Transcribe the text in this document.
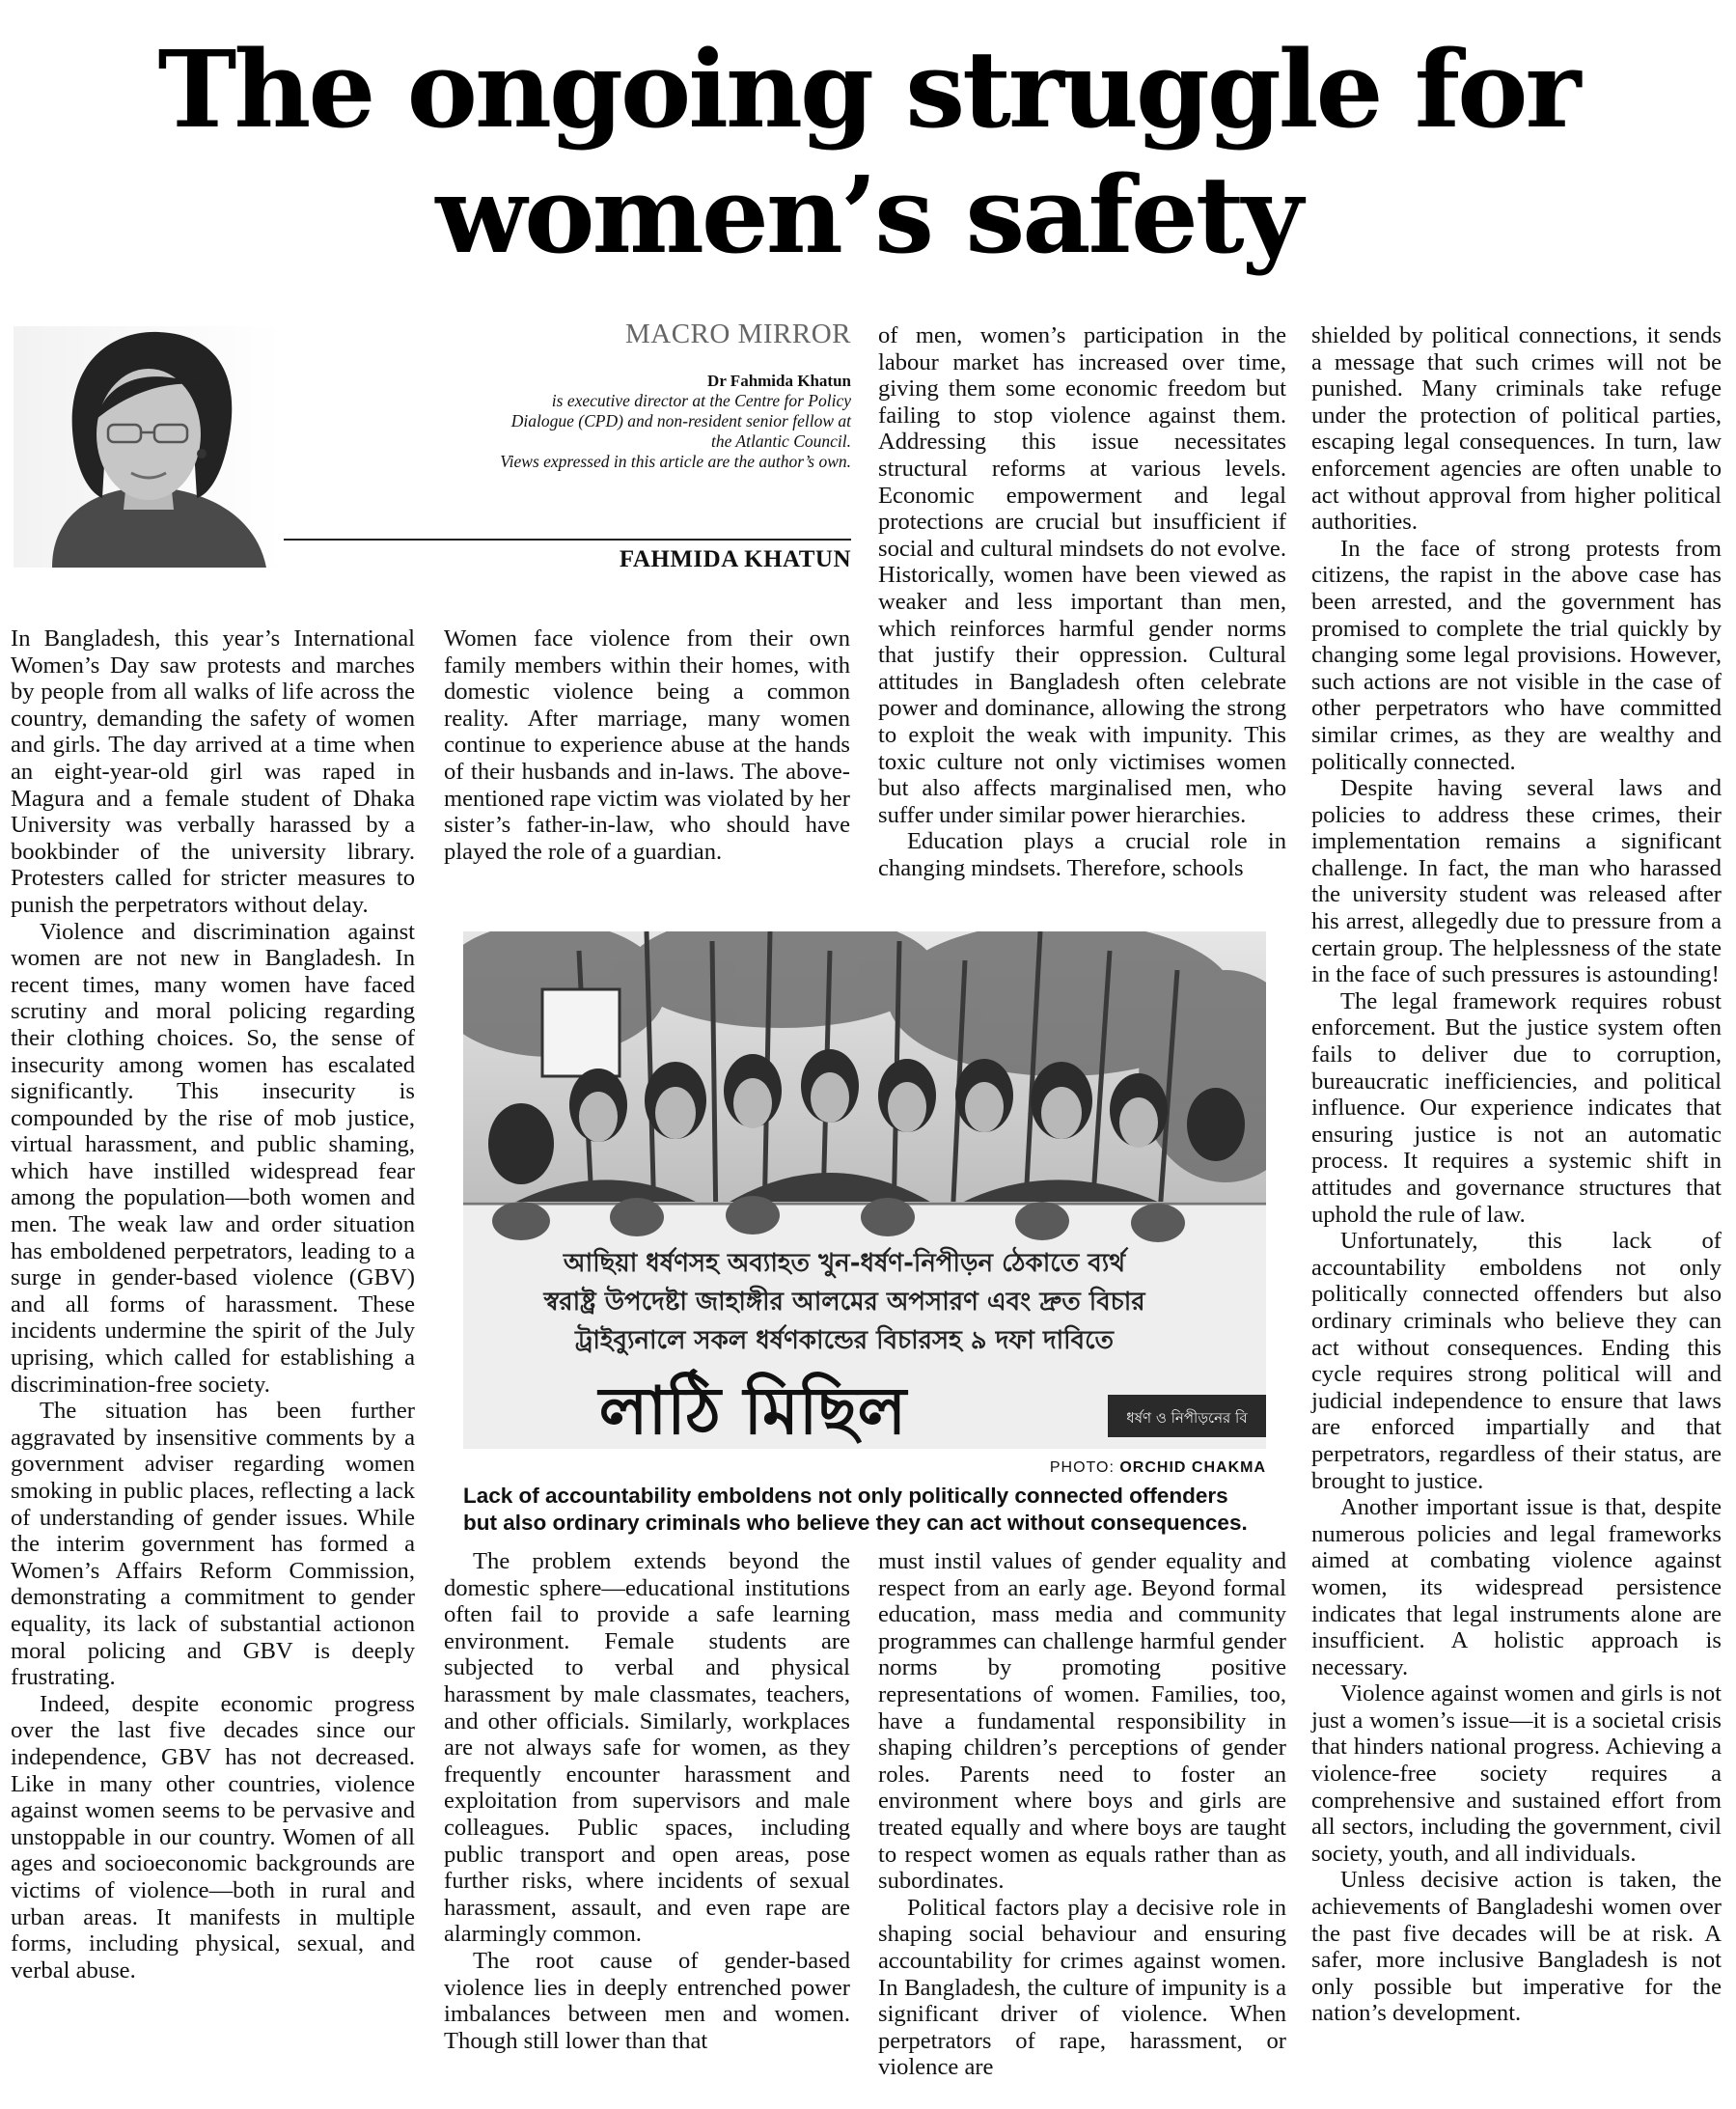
The ongoing struggle for
women’s safety
MACRO MIRROR
Dr Fahmida Khatun
is executive director at the Centre for Policy
Dialogue (CPD) and non-resident senior fellow at
the Atlantic Council.
Views expressed in this article are the author’s own.
FAHMIDA KHATUN

In Bangladesh, this year’s International Women’s Day saw protests and marches by people from all walks of life across the country, demanding the safety of women and girls. The day arrived at a time when an eight-year-old girl was raped in Magura and a female student of Dhaka University was verbally harassed by a bookbinder of the university library. Protesters called for stricter measures to punish the perpetrators without delay.

Violence and discrimination against women are not new in Bangladesh. In recent times, many women have faced scrutiny and moral policing regarding their clothing choices. So, the sense of insecurity among women has escalated significantly. This insecurity is compounded by the rise of mob justice, virtual harassment, and public shaming, which have instilled widespread fear among the population—both women and men. The weak law and order situation has emboldened perpetrators, leading to a surge in gender-based violence (GBV) and all forms of harassment. These incidents undermine the spirit of the July uprising, which called for establishing a discrimination-free society.

The situation has been further aggravated by insensitive comments by a government adviser regarding women smoking in public places, reflecting a lack of understanding of gender issues. While the interim government has formed a Women’s Affairs Reform Commission, demonstrating a commitment to gender equality, its lack of substantial actionon moral policing and GBV is deeply frustrating.

Indeed, despite economic progress over the last five decades since our independence, GBV has not decreased. Like in many other countries, violence against women seems to be pervasive and unstoppable in our country. Women of all ages and socioeconomic backgrounds are victims of violence—both in rural and urban areas. It manifests in multiple forms, including physical, sexual, and verbal abuse.

Women face violence from their own family members within their homes, with domestic violence being a common reality. After marriage, many women continue to experience abuse at the hands of their husbands and in-laws. The above-mentioned rape victim was violated by her sister’s father-in-law, who should have played the role of a guardian.

of men, women’s participation in the labour market has increased over time, giving them some economic freedom but failing to stop violence against them. Addressing this issue necessitates structural reforms at various levels. Economic empowerment and legal protections are crucial but insufficient if social and cultural mindsets do not evolve. Historically, women have been viewed as weaker and less important than men, which reinforces harmful gender norms that justify their oppression. Cultural attitudes in Bangladesh often celebrate power and dominance, allowing the strong to exploit the weak with impunity. This toxic culture not only victimises women but also affects marginalised men, who suffer under similar power hierarchies.

Education plays a crucial role in changing mindsets. Therefore, schools

আছিয়া ধর্ষণসহ অব্যাহত খুন-ধর্ষণ-নিপীড়ন ঠেকাতে ব্যর্থ
স্বরাষ্ট্র উপদেষ্টা জাহাঙ্গীর আলমের অপসারণ এবং দ্রুত বিচার
ট্রাইব্যুনালে সকল ধর্ষণকান্ডের বিচারসহ ৯ দফা দাবিতে
লাঠি মিছিল	ধর্ষণ ও নিপীড়নের বি
PHOTO: ORCHID CHAKMA
Lack of accountability emboldens not only politically connected offenders but also ordinary criminals who believe they can act without consequences.

The problem extends beyond the domestic sphere—educational institutions often fail to provide a safe learning environment. Female students are subjected to verbal and physical harassment by male classmates, teachers, and other officials. Similarly, workplaces are not always safe for women, as they frequently encounter harassment and exploitation from supervisors and male colleagues. Public spaces, including public transport and open areas, pose further risks, where incidents of sexual harassment, assault, and even rape are alarmingly common.

The root cause of gender-based violence lies in deeply entrenched power imbalances between men and women. Though still lower than that

must instil values of gender equality and respect from an early age. Beyond formal education, mass media and community programmes can challenge harmful gender norms by promoting positive representations of women. Families, too, have a fundamental responsibility in shaping children’s perceptions of gender roles. Parents need to foster an environment where boys and girls are treated equally and where boys are taught to respect women as equals rather than as subordinates.

Political factors play a decisive role in shaping social behaviour and ensuring accountability for crimes against women. In Bangladesh, the culture of impunity is a significant driver of violence. When perpetrators of rape, harassment, or violence are

shielded by political connections, it sends a message that such crimes will not be punished. Many criminals take refuge under the protection of political parties, escaping legal consequences. In turn, law enforcement agencies are often unable to act without approval from higher political authorities.

In the face of strong protests from citizens, the rapist in the above case has been arrested, and the government has promised to complete the trial quickly by changing some legal provisions. However, such actions are not visible in the case of other perpetrators who have committed similar crimes, as they are wealthy and politically connected.

Despite having several laws and policies to address these crimes, their implementation remains a significant challenge. In fact, the man who harassed the university student was released after his arrest, allegedly due to pressure from a certain group. The helplessness of the state in the face of such pressures is astounding!

The legal framework requires robust enforcement. But the justice system often fails to deliver due to corruption, bureaucratic inefficiencies, and political influence. Our experience indicates that ensuring justice is not an automatic process. It requires a systemic shift in attitudes and governance structures that uphold the rule of law.

Unfortunately, this lack of accountability emboldens not only politically connected offenders but also ordinary criminals who believe they can act without consequences. Ending this cycle requires strong political will and judicial independence to ensure that laws are enforced impartially and that perpetrators, regardless of their status, are brought to justice.

Another important issue is that, despite numerous policies and legal frameworks aimed at combating violence against women, its widespread persistence indicates that legal instruments alone are insufficient. A holistic approach is necessary.

Violence against women and girls is not just a women’s issue—it is a societal crisis that hinders national progress. Achieving a violence-free society requires a comprehensive and sustained effort from all sectors, including the government, civil society, youth, and all individuals.

Unless decisive action is taken, the achievements of Bangladeshi women over the past five decades will be at risk. A safer, more inclusive Bangladesh is not only possible but imperative for the nation’s development.
